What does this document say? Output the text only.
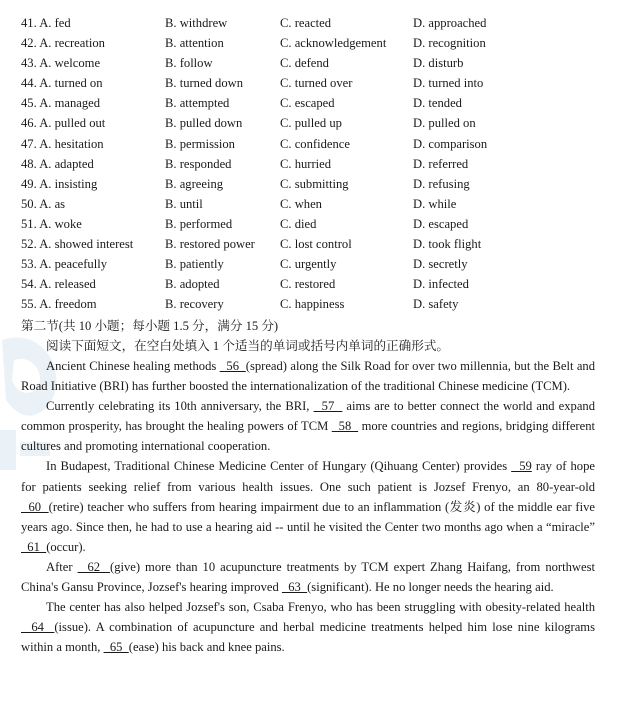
41. A. fed	B. withdrew	C. reacted	D. approached
42. A. recreation	B. attention	C. acknowledgement D. recognition
43. A. welcome	B. follow	C. defend	D. disturb
44. A. turned on	B. turned down	C. turned over	D. turned into
45. A. managed	B. attempted	C. escaped	D. tended
46. A. pulled out	B. pulled down	C. pulled up	D. pulled on
47. A. hesitation	B. permission	C. confidence	D. comparison
48. A. adapted	B. responded	C. hurried	D. referred
49. A. insisting	B. agreeing	C. submitting	D. refusing
50. A. as	B. until	C. when	D. while
51. A. woke	B. performed	C. died	D. escaped
52. A. showed interest	B. restored power C. lost control	D. took flight
53. A. peacefully	B. patiently	C. urgently	D. secretly
54. A. released	B. adopted	C. restored	D. infected
55. A. freedom	B. recovery	C. happiness	D. safety
第二节(共 10 小题；每小题 1.5 分，满分 15 分)
阅读下面短文，在空白处填入 1 个适当的单词或括号内单词的正确形式。

Ancient Chinese healing methods   56  (spread) along the Silk Road for over two millennia, but the Belt and Road Initiative (BRI) has further boosted the internationalization of the traditional Chinese medicine (TCM).

Currently celebrating its 10th anniversary, the BRI,   57   aims are to better connect the world and expand common prosperity, has brought the healing powers of TCM   58   more countries and regions, bridging different cultures and promoting international cooperation.

In Budapest, Traditional Chinese Medicine Center of Hungary (Qihuang Center) provides   59 ray of hope for patients seeking relief from various health issues. One such patient is Jozsef Frenyo, an 80-year-old   60  (retire) teacher who suffers from hearing impairment due to an inflammation (发炎) of the middle ear five years ago. Since then, he had to use a hearing aid -- until he visited the Center two months ago when a “miracle”   61  (occur).

After   62  (give) more than 10 acupuncture treatments by TCM expert Zhang Haifang, from northwest China's Gansu Province, Jozsef's hearing improved   63  (significant). He no longer needs the hearing aid.

The center has also helped Jozsef's son, Csaba Frenyo, who has been struggling with obesity-related health   64  (issue). A combination of acupuncture and herbal medicine treatments helped him lose nine kilograms within a month,   65  (ease) his back and knee pains.
